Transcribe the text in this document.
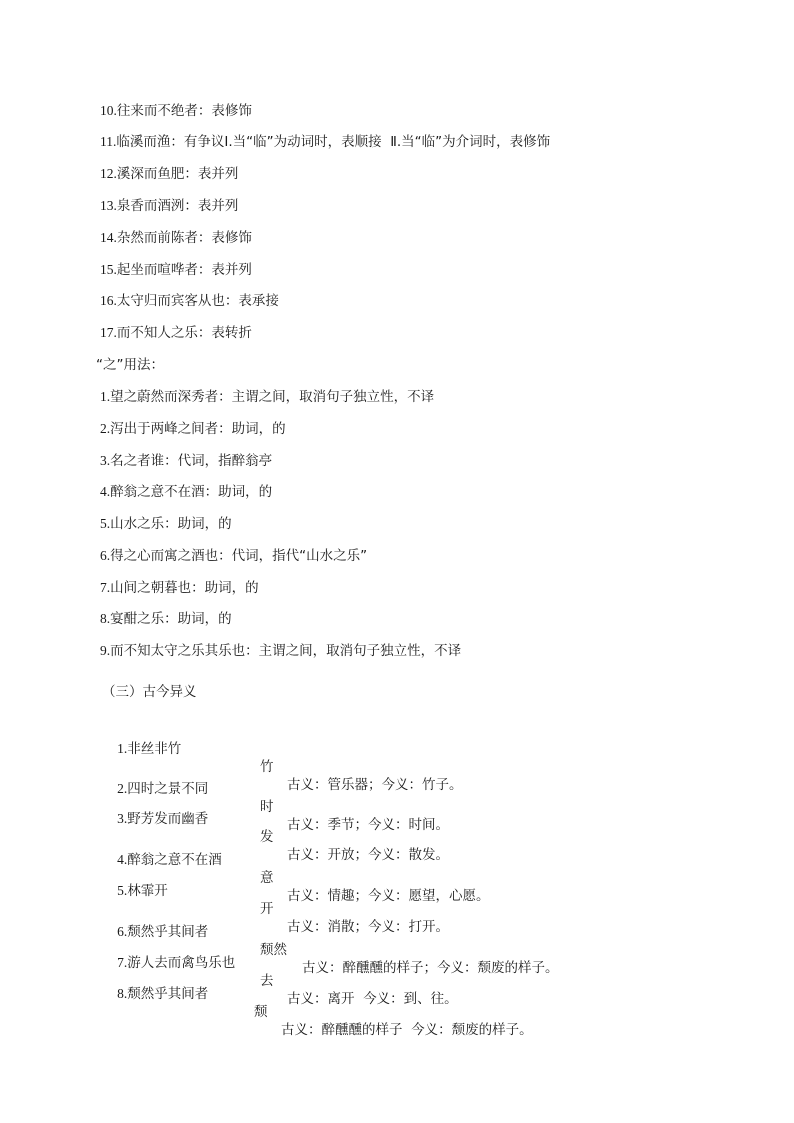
10.往来而不绝者：表修饰
11.临溪而渔：有争议Ⅰ.当“临”为动词时，表顺接  Ⅱ.当“临”为介词时，表修饰
12.溪深而鱼肥：表并列
13.泉香而酒洌：表并列
14.杂然而前陈者：表修饰
15.起坐而喧哗者：表并列
16.太守归而宾客从也：表承接
17.而不知人之乐：表转折
“之”用法：
1.望之蔚然而深秀者：主谓之间，取消句子独立性，不译
2.泻出于两峰之间者：助词，的
3.名之者谁：代词，指醉翁亭
4.醉翁之意不在酒：助词，的
5.山水之乐：助词，的
6.得之心而寓之酒也：代词，指代“山水之乐”
7.山间之朝暮也：助词，的
8.宴酣之乐：助词，的
9.而不知太守之乐其乐也：主谓之间，取消句子独立性，不译
（三）古今异义

1.非丝非竹

竹

古义：管乐器；今义：竹子。

2.四时之景不同

时

古义：季节；今义：时间。

3.野芳发而幽香

发

古义：开放；今义：散发。

4.醉翁之意不在酒

意

古义：情趣；今义：愿望，心愿。

5.林霏开

开

古义：消散；今义：打开。

6.颓然乎其间者

颓然

古义：醉醺醺的样子；今义：颓废的样子。

7.游人去而禽鸟乐也

去

古义：离开  今义：到、往。

8.颓然乎其间者

颓

古义：醉醺醺的样子  今义：颓废的样子。
